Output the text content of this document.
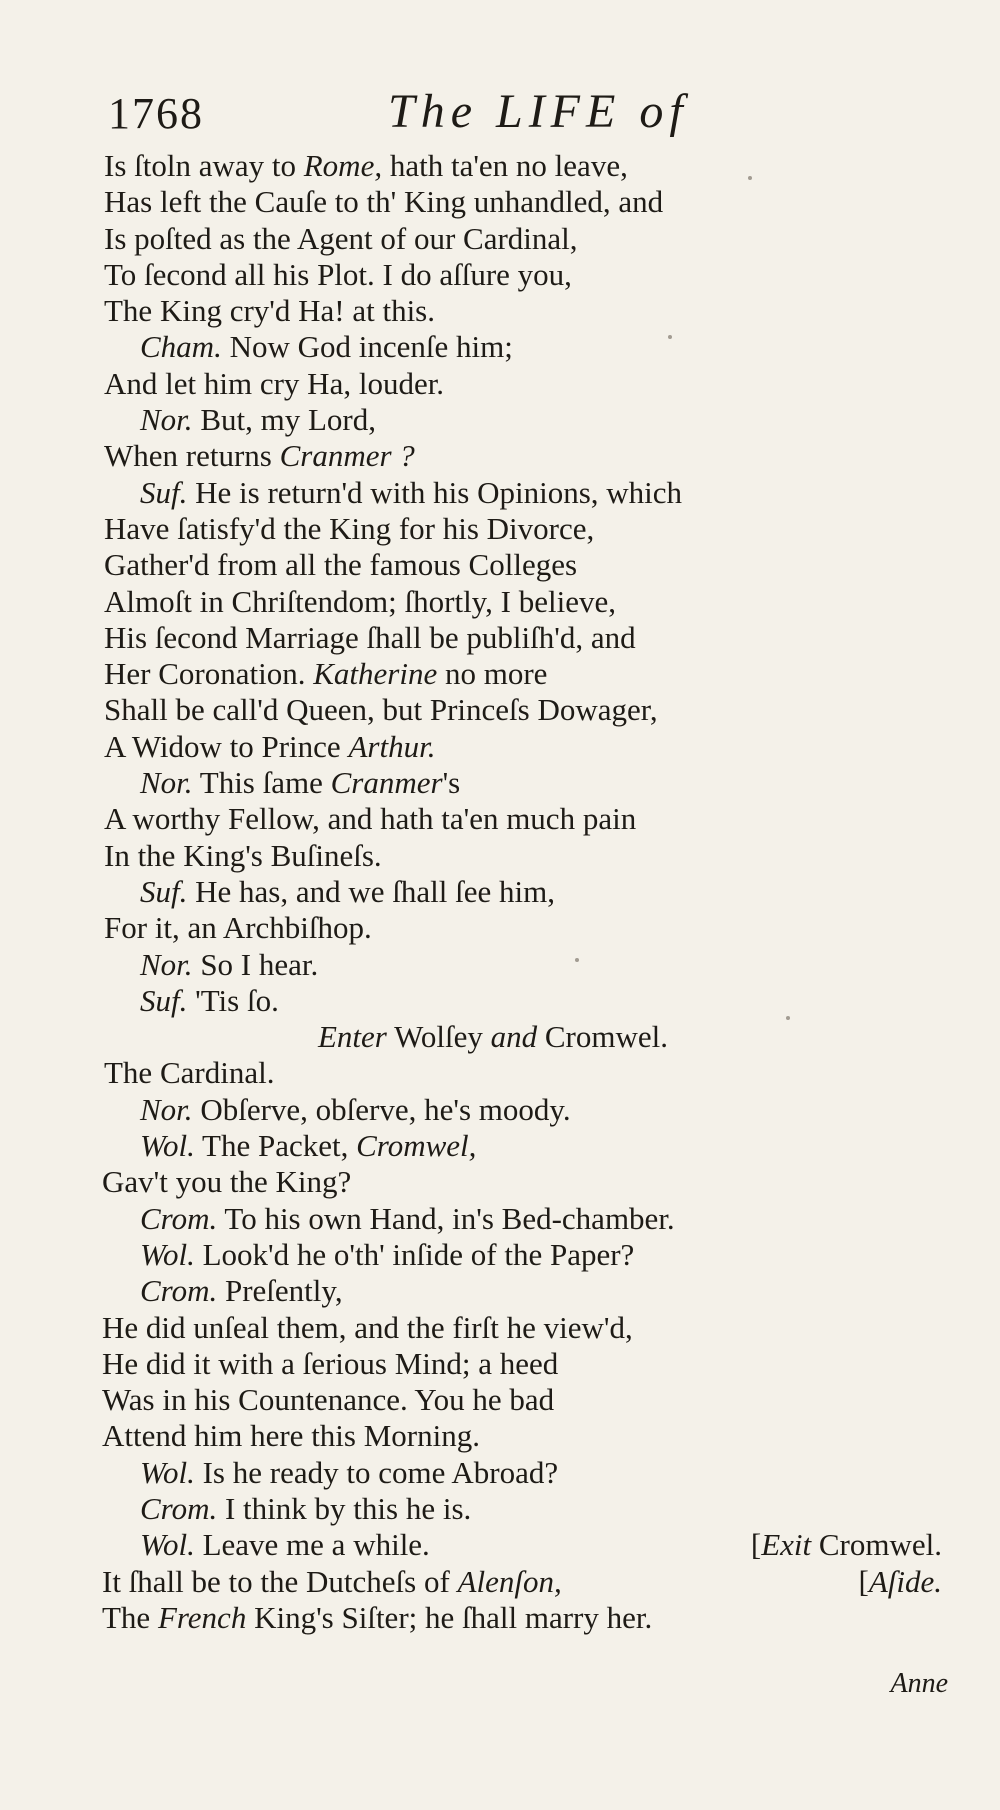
1768	The LIFE of
Is ſtoln away to Rome, hath ta'en no leave,
Has left the Cauſe to th' King unhandled, and
Is poſted as the Agent of our Cardinal,
To ſecond all his Plot. I do aſſure you,
The King cry'd Ha! at this.
Cham. Now God incenſe him;
And let him cry Ha, louder.
Nor. But, my Lord,
When returns Cranmer ?
Suf. He is return'd with his Opinions, which
Have ſatisfy'd the King for his Divorce,
Gather'd from all the famous Colleges
Almoſt in Chriſtendom; ſhortly, I believe,
His ſecond Marriage ſhall be publiſh'd, and
Her Coronation. Katherine no more
Shall be call'd Queen, but Princeſs Dowager,
A Widow to Prince Arthur.
Nor. This ſame Cranmer's
A worthy Fellow, and hath ta'en much pain
In the King's Buſineſs.
Suf. He has, and we ſhall ſee him,
For it, an Archbiſhop.
Nor. So I hear.
Suf. 'Tis ſo.
Enter Wolſey and Cromwel.
The Cardinal.
Nor. Obſerve, obſerve, he's moody.
Wol. The Packet, Cromwel,
Gav't you the King?
Crom. To his own Hand, in's Bed-chamber.
Wol. Look'd he o'th' inſide of the Paper?
Crom. Preſently,
He did unſeal them, and the firſt he view'd,
He did it with a ſerious Mind; a heed
Was in his Countenance. You he bad
Attend him here this Morning.
Wol. Is he ready to come Abroad?
Crom. I think by this he is.
Wol. Leave me a while.	[Exit Cromwel.
It ſhall be to the Dutcheſs of Alenſon,	[Aſide.
The French King's Siſter; he ſhall marry her.
Anne
